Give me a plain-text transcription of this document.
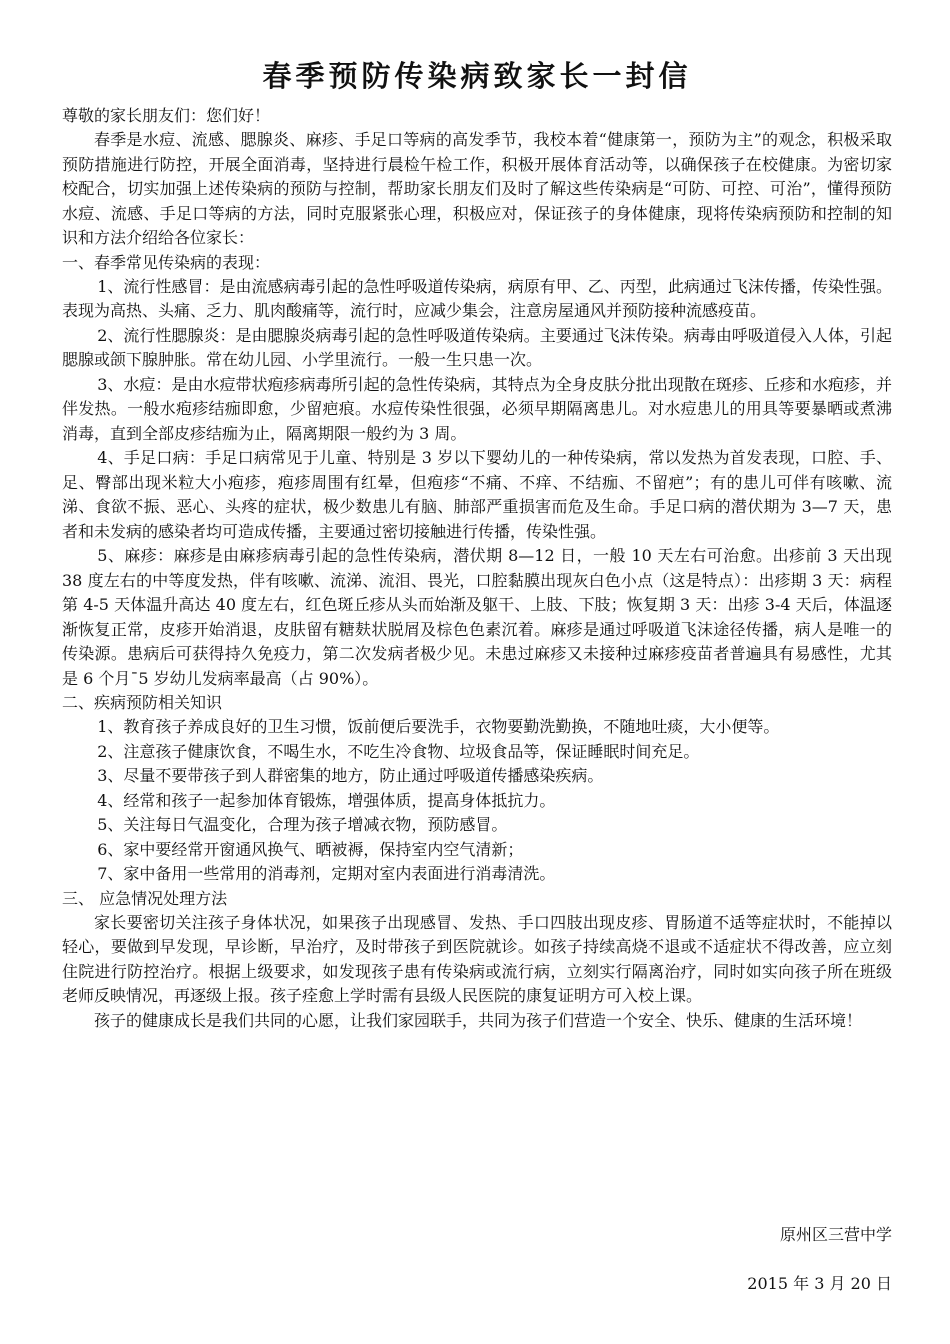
春季预防传染病致家长一封信

尊敬的家长朋友们：您们好！

春季是水痘、流感、腮腺炎、麻疹、手足口等病的高发季节，我校本着“健康第一，预防为主”的观念，积极采取预防措施进行防控，开展全面消毒，坚持进行晨检午检工作，积极开展体育活动等，以确保孩子在校健康。为密切家校配合，切实加强上述传染病的预防与控制，帮助家长朋友们及时了解这些传染病是“可防、可控、可治”，懂得预防水痘、流感、手足口等病的方法，同时克服紧张心理，积极应对，保证孩子的身体健康，现将传染病预防和控制的知识和方法介绍给各位家长：

一、春季常见传染病的表现：

1、流行性感冒：是由流感病毒引起的急性呼吸道传染病，病原有甲、乙、丙型，此病通过飞沫传播，传染性强。表现为高热、头痛、乏力、肌肉酸痛等，流行时，应减少集会，注意房屋通风并预防接种流感疫苗。

2、流行性腮腺炎：是由腮腺炎病毒引起的急性呼吸道传染病。主要通过飞沫传染。病毒由呼吸道侵入人体，引起腮腺或颌下腺肿胀。常在幼儿园、小学里流行。一般一生只患一次。

3、水痘：是由水痘带状疱疹病毒所引起的急性传染病，其特点为全身皮肤分批出现散在斑疹、丘疹和水疱疹，并伴发热。一般水疱疹结痂即愈，少留疤痕。水痘传染性很强，必须早期隔离患儿。对水痘患儿的用具等要暴晒或煮沸消毒，直到全部皮疹结痂为止，隔离期限一般约为 3 周。

4、手足口病：手足口病常见于儿童、特别是 3 岁以下婴幼儿的一种传染病，常以发热为首发表现，口腔、手、足、臀部出现米粒大小疱疹，疱疹周围有红晕，但疱疹“不痛、不痒、不结痂、不留疤”；有的患儿可伴有咳嗽、流涕、食欲不振、恶心、头疼的症状，极少数患儿有脑、肺部严重损害而危及生命。手足口病的潜伏期为 3—7 天，患者和未发病的感染者均可造成传播，主要通过密切接触进行传播，传染性强。

5、麻疹：麻疹是由麻疹病毒引起的急性传染病，潜伏期 8—12 日，一般 10 天左右可治愈。出疹前 3 天出现 38 度左右的中等度发热，伴有咳嗽、流涕、流泪、畏光，口腔黏膜出现灰白色小点（这是特点）：出疹期 3 天：病程第 4-5 天体温升高达 40 度左右，红色斑丘疹从头而始渐及躯干、上肢、下肢；恢复期 3 天：出疹 3-4 天后，体温逐渐恢复正常，皮疹开始消退，皮肤留有糖麸状脱屑及棕色色素沉着。麻疹是通过呼吸道飞沫途径传播，病人是唯一的传染源。患病后可获得持久免疫力，第二次发病者极少见。未患过麻疹又未接种过麻疹疫苗者普遍具有易感性，尤其是 6 个月¯5 岁幼儿发病率最高（占 90%）。

二、疾病预防相关知识

1、教育孩子养成良好的卫生习惯，饭前便后要洗手，衣物要勤洗勤换，不随地吐痰，大小便等。

2、注意孩子健康饮食，不喝生水，不吃生冷食物、垃圾食品等，保证睡眠时间充足。

3、尽量不要带孩子到人群密集的地方，防止通过呼吸道传播感染疾病。

4、经常和孩子一起参加体育锻炼，增强体质，提高身体抵抗力。

5、关注每日气温变化，合理为孩子增减衣物，预防感冒。

6、家中要经常开窗通风换气、晒被褥，保持室内空气清新；

7、家中备用一些常用的消毒剂，定期对室内表面进行消毒清洗。

三、 应急情况处理方法

家长要密切关注孩子身体状况，如果孩子出现感冒、发热、手口四肢出现皮疹、胃肠道不适等症状时，不能掉以轻心，要做到早发现，早诊断，早治疗，及时带孩子到医院就诊。如孩子持续高烧不退或不适症状不得改善，应立刻住院进行防控治疗。根据上级要求，如发现孩子患有传染病或流行病，立刻实行隔离治疗，同时如实向孩子所在班级老师反映情况，再逐级上报。孩子痊愈上学时需有县级人民医院的康复证明方可入校上课。

孩子的健康成长是我们共同的心愿，让我们家园联手，共同为孩子们营造一个安全、快乐、健康的生活环境！

原州区三营中学
2015 年 3 月 20 日
